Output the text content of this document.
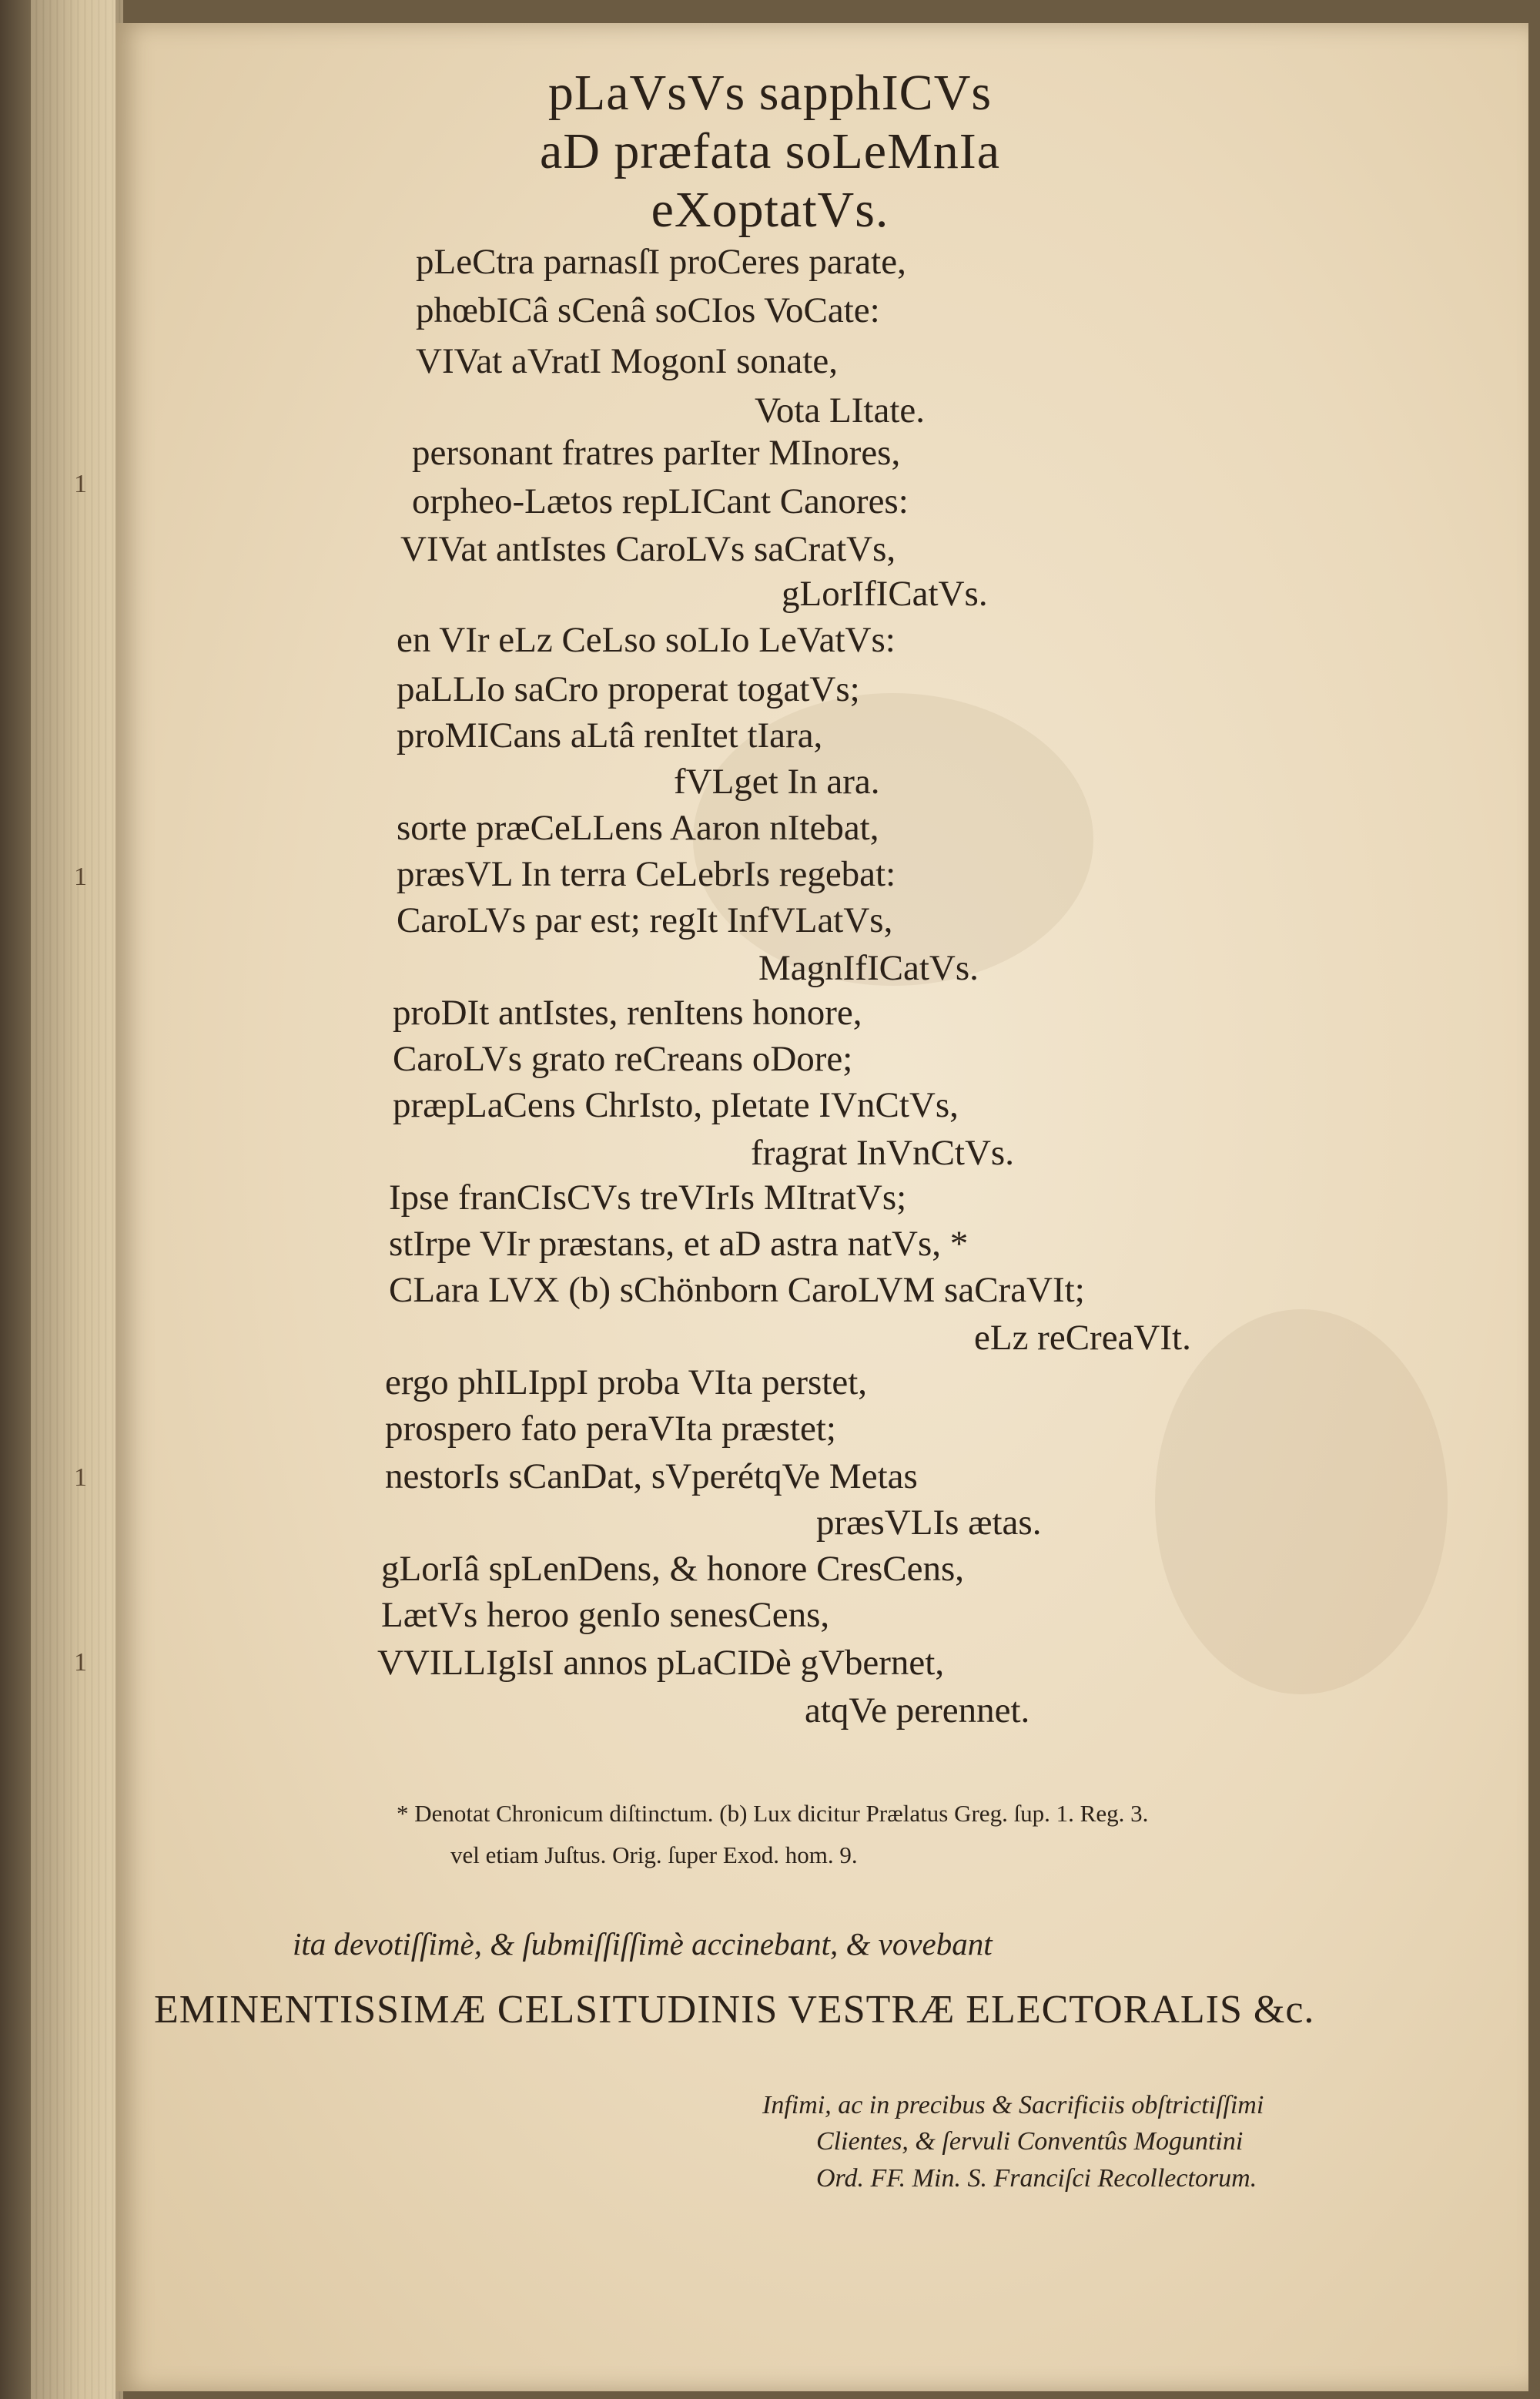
1
1
1
1
pLaVsVs sapphICVs
aD præfata soLeMnIa
eXoptatVs.
pLeCtra parnasſI proCeres parate,
phœbICâ sCenâ soCIos VoCate:
VIVat aVratI MogonI sonate,
Vota LItate.
personant fratres parIter MInores,
orpheo-Lætos repLICant Canores:
VIVat antIstes CaroLVs saCratVs,
gLorIfICatVs.
en VIr eLz CeLso soLIo LeVatVs:
paLLIo saCro properat togatVs;
proMICans aLtâ renItet tIara,
fVLget In ara.
sorte præCeLLens Aaron nItebat,
præsVL In terra CeLebrIs regebat:
CaroLVs par est; regIt InfVLatVs,
MagnIfICatVs.
proDIt antIstes, renItens honore,
CaroLVs grato reCreans oDore;
præpLaCens ChrIsto, pIetate IVnCtVs,
fragrat InVnCtVs.
Ipse franCIsCVs treVIrIs MItratVs;
stIrpe VIr præstans, et aD astra natVs, *
CLara LVX (b) sChönborn CaroLVM saCraVIt;
eLz reCreaVIt.
ergo phILIppI proba VIta perstet,
prospero fato peraVIta præstet;
nestorIs sCanDat, sVperétqVe Metas
præsVLIs ætas.
gLorIâ spLenDens, & honore CresCens,
LætVs heroo genIo senesCens,
VVILLIgIsI annos pLaCIDè gVbernet,
atqVe perennet.
* Denotat Chronicum diſtinctum. (b) Lux dicitur Prælatus Greg. ſup. 1. Reg. 3.
vel etiam Juſtus. Orig. ſuper Exod. hom. 9.
ita devotiſſimè, & ſubmiſſiſſimè accinebant, & vovebant
EMINENTISSIMÆ CELSITUDINIS VESTRÆ ELECTORALIS &c.
Infimi, ac in precibus & Sacrificiis obſtrictiſſimi
Clientes, & ſervuli Conventûs Moguntini
Ord. FF. Min. S. Franciſci Recollectorum.
